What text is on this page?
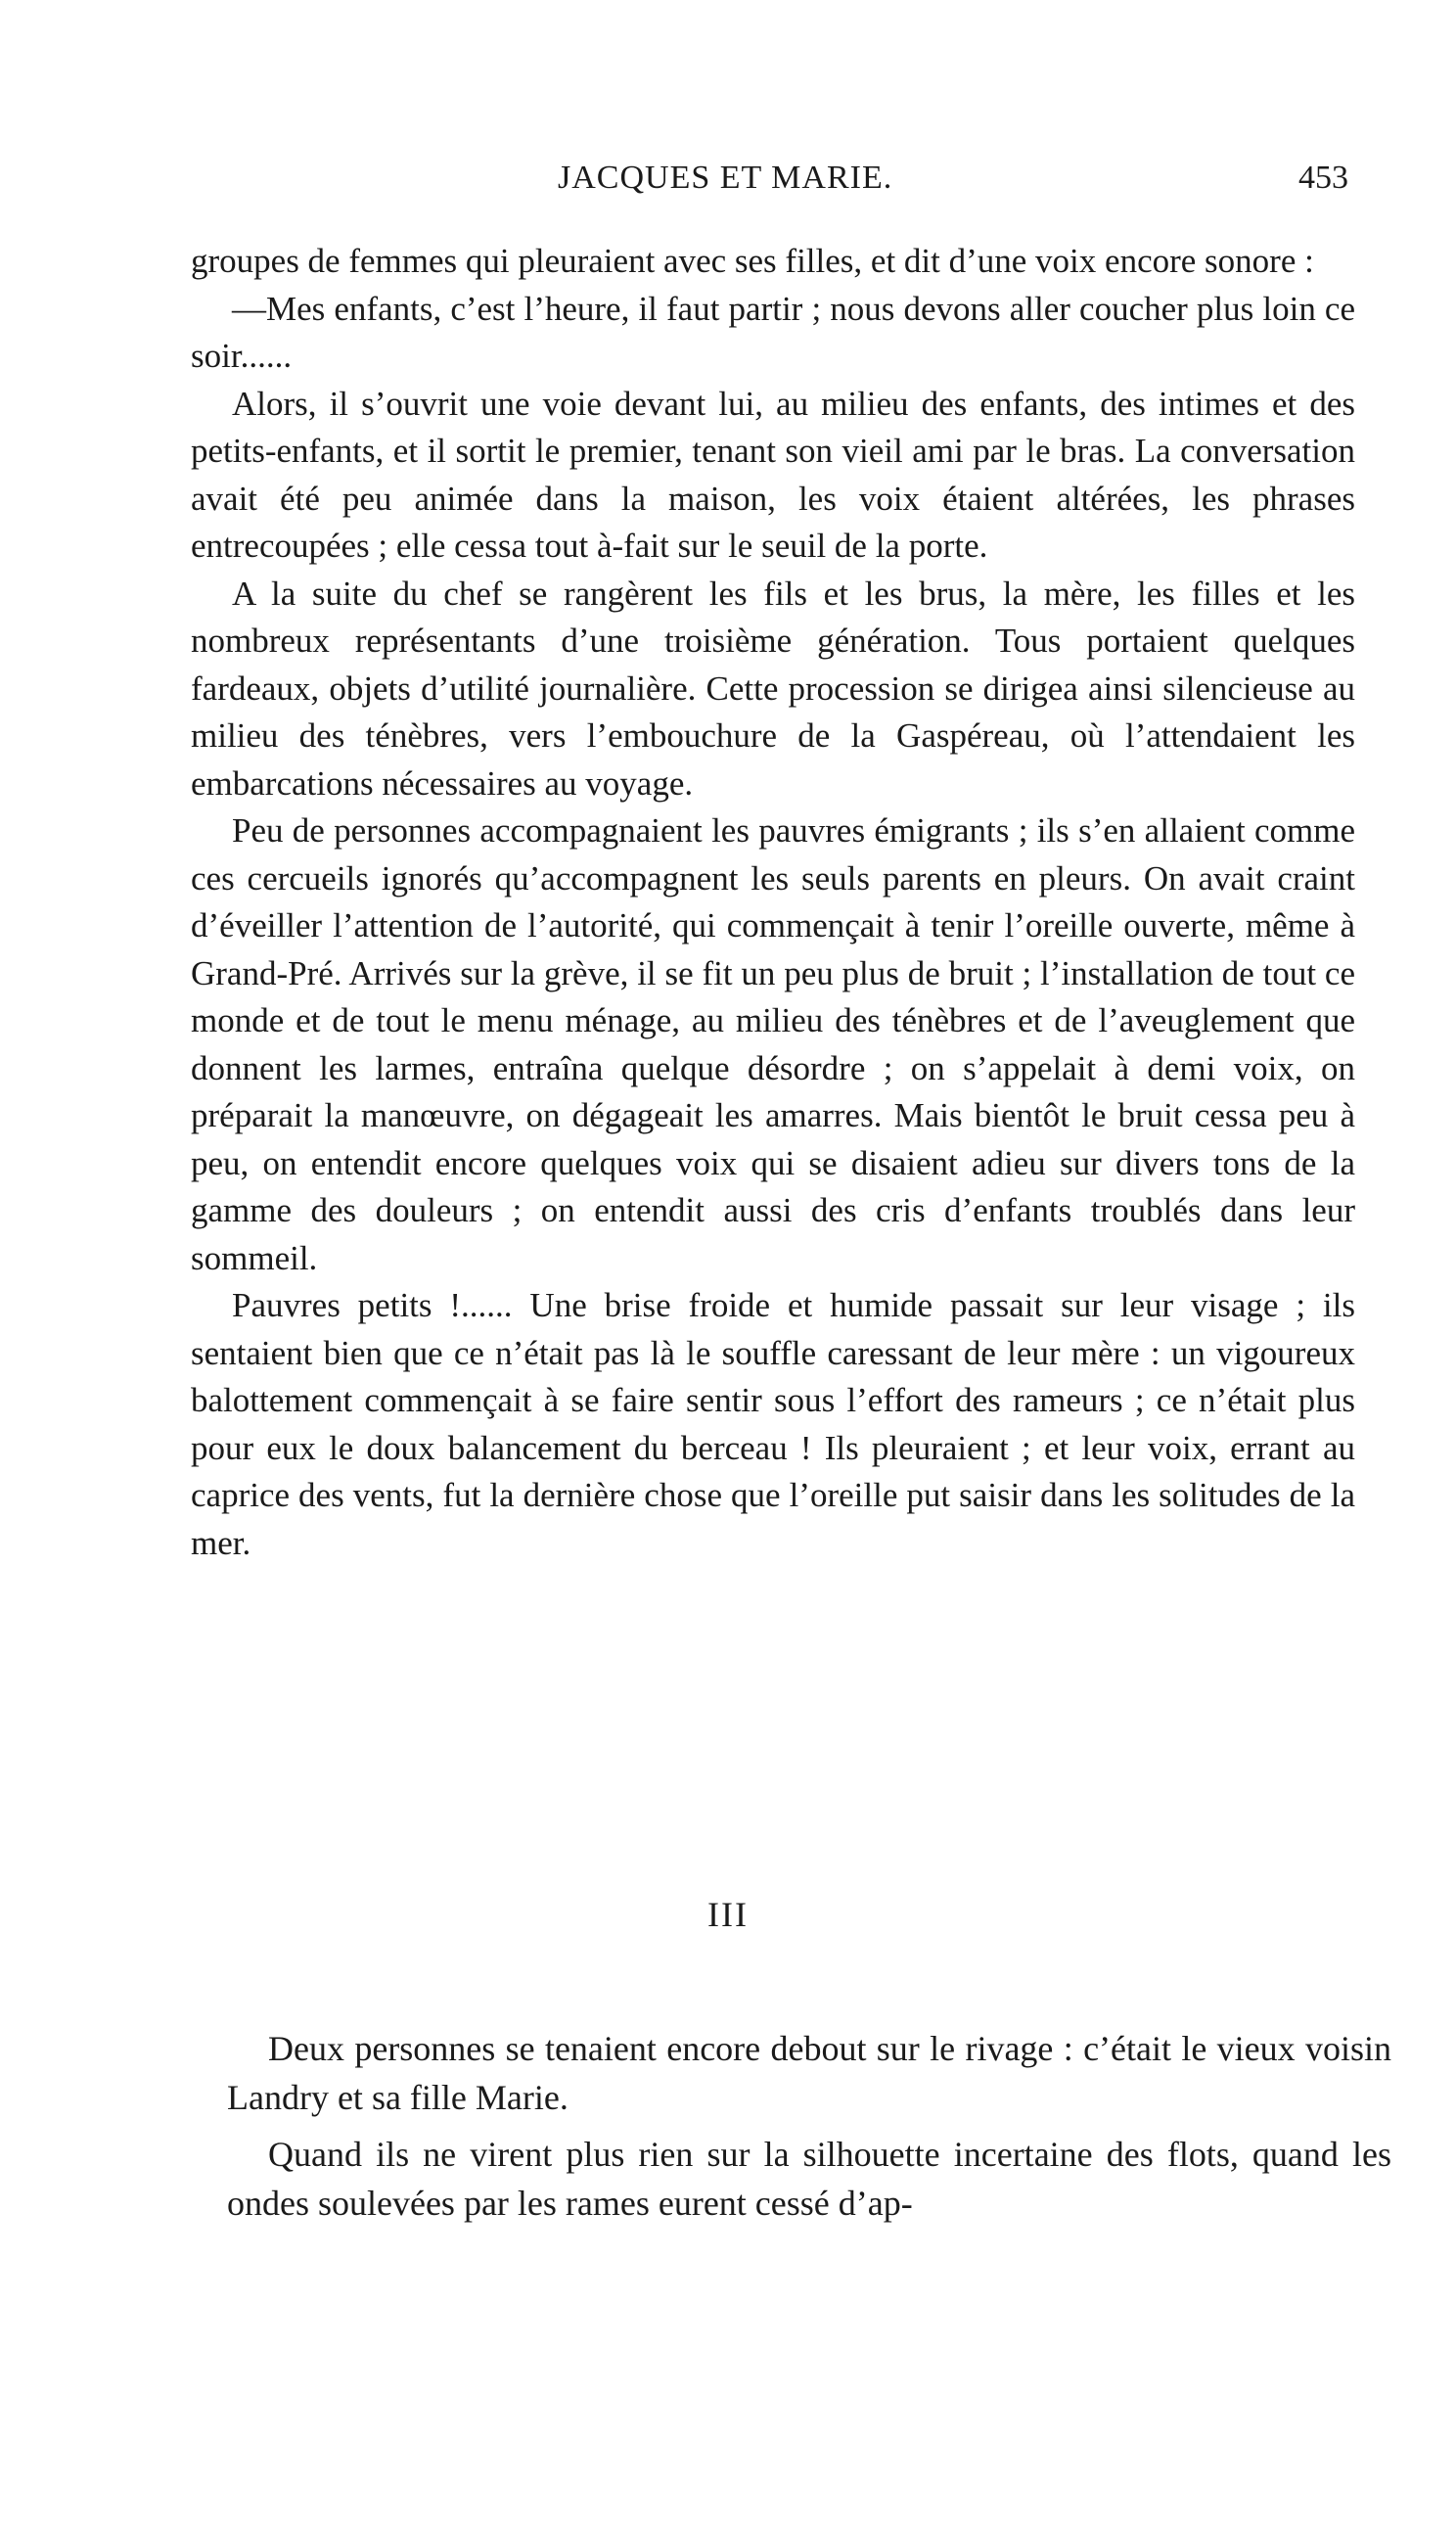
JACQUES ET MARIE.	453

groupes de femmes qui pleuraient avec ses filles, et dit d’une voix encore sonore :

—Mes enfants, c’est l’heure, il faut partir ; nous devons aller coucher plus loin ce soir......

Alors, il s’ouvrit une voie devant lui, au milieu des enfants, des intimes et des petits-enfants, et il sortit le premier, tenant son vieil ami par le bras. La conversation avait été peu animée dans la maison, les voix étaient altérées, les phrases entrecoupées ; elle cessa tout à-fait sur le seuil de la porte.

A la suite du chef se rangèrent les fils et les brus, la mère, les filles et les nombreux représentants d’une troisième génération. Tous portaient quelques fardeaux, objets d’utilité journalière. Cette procession se dirigea ainsi silencieuse au milieu des ténèbres, vers l’embouchure de la Gaspéreau, où l’attendaient les embarcations nécessaires au voyage.

Peu de personnes accompagnaient les pauvres émigrants ; ils s’en allaient comme ces cercueils ignorés qu’accompagnent les seuls parents en pleurs. On avait craint d’éveiller l’attention de l’autorité, qui commençait à tenir l’oreille ouverte, même à Grand-Pré. Arrivés sur la grève, il se fit un peu plus de bruit ; l’installation de tout ce monde et de tout le menu ménage, au milieu des ténèbres et de l’aveuglement que donnent les larmes, entraîna quelque désordre ; on s’appelait à demi voix, on préparait la manœuvre, on dégageait les amarres. Mais bientôt le bruit cessa peu à peu, on entendit encore quelques voix qui se disaient adieu sur divers tons de la gamme des douleurs ; on entendit aussi des cris d’enfants troublés dans leur sommeil.

Pauvres petits !...... Une brise froide et humide passait sur leur visage ; ils sentaient bien que ce n’était pas là le souffle caressant de leur mère : un vigoureux balottement commençait à se faire sentir sous l’effort des rameurs ; ce n’était plus pour eux le doux balancement du berceau ! Ils pleuraient ; et leur voix, errant au caprice des vents, fut la dernière chose que l’oreille put saisir dans les solitudes de la mer.

III

Deux personnes se tenaient encore debout sur le rivage : c’était le vieux voisin Landry et sa fille Marie.

Quand ils ne virent plus rien sur la silhouette incertaine des flots, quand les ondes soulevées par les rames eurent cessé d’ap-
